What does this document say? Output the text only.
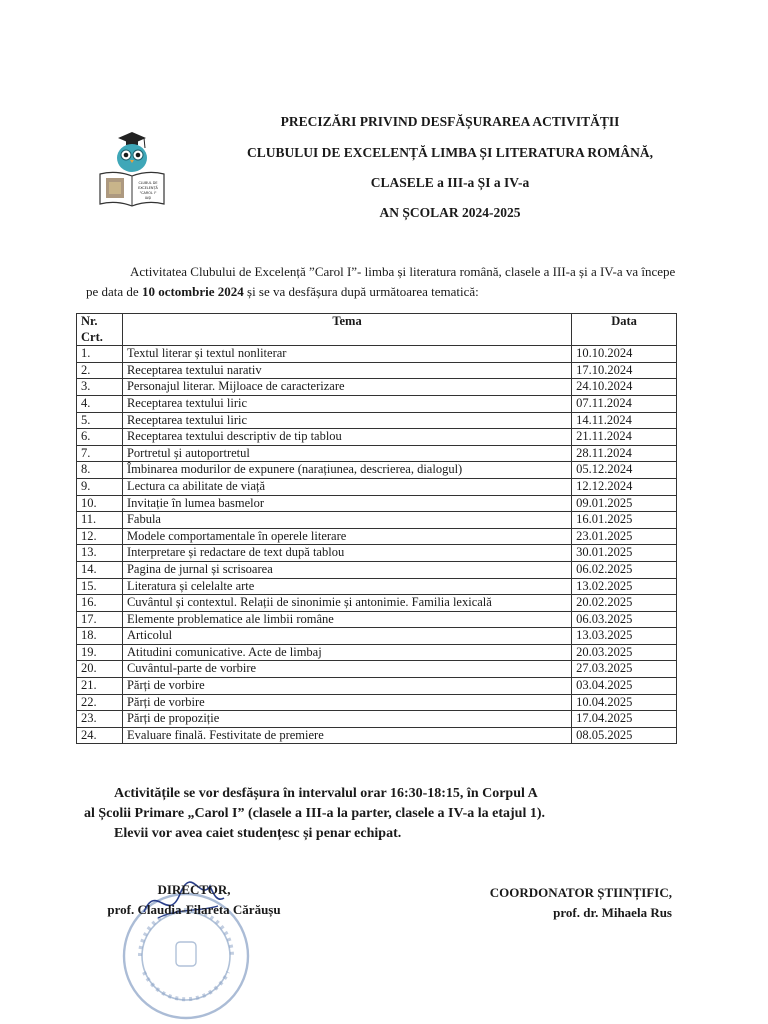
CLUBUL DE
EXCELENȚĂ
"CAROL I"
IAȘI

PRECIZĂRI PRIVIND DESFĂȘURAREA ACTIVITĂȚII

CLUBULUI DE EXCELENȚĂ LIMBA ȘI LITERATURA ROMÂNĂ,

CLASELE a III-a ȘI a IV-a

AN ȘCOLAR 2024-2025

Activitatea Clubului de Excelență ”Carol I”- limba și literatura română, clasele a III-a și a IV-a va începe pe data de 10 octombrie 2024 și se va desfășura după următoarea tematică:

Nr. Crt.	Tema	Data
1.	Textul literar și textul nonliterar	10.10.2024
2.	Receptarea textului narativ	17.10.2024
3.	Personajul literar. Mijloace de caracterizare	24.10.2024
4.	Receptarea textului liric	07.11.2024
5.	Receptarea textului liric	14.11.2024
6.	Receptarea textului descriptiv de tip tablou	21.11.2024
7.	Portretul și autoportretul	28.11.2024
8.	Îmbinarea modurilor de expunere (narațiunea, descrierea, dialogul)	05.12.2024
9.	Lectura ca abilitate de viață	12.12.2024
10.	Invitație în lumea basmelor	09.01.2025
11.	Fabula	16.01.2025
12.	Modele comportamentale în operele literare	23.01.2025
13.	Interpretare și redactare de text după tablou	30.01.2025
14.	Pagina de jurnal și scrisoarea	06.02.2025
15.	Literatura și celelalte arte	13.02.2025
16.	Cuvântul și contextul. Relații de sinonimie și antonimie. Familia lexicală	20.02.2025
17.	Elemente problematice ale limbii române	06.03.2025
18.	Articolul	13.03.2025
19.	Atitudini comunicative. Acte de limbaj	20.03.2025
20.	Cuvântul-parte de vorbire	27.03.2025
21.	Părți de vorbire	03.04.2025
22.	Părți de vorbire	10.04.2025
23.	Părți de propoziție	17.04.2025
24.	Evaluare finală. Festivitate de premiere	08.05.2025

Activitățile se vor desfășura în intervalul orar 16:30-18:15, în Corpul A

al Școlii Primare „Carol I” (clasele a III-a la parter, clasele a IV-a la etajul 1).

Elevii vor avea caiet studențesc și penar echipat.

DIRECTOR,

prof. Claudia-Filareta Cărăușu

COORDONATOR ȘTIINȚIFIC,

prof. dr. Mihaela Rus
